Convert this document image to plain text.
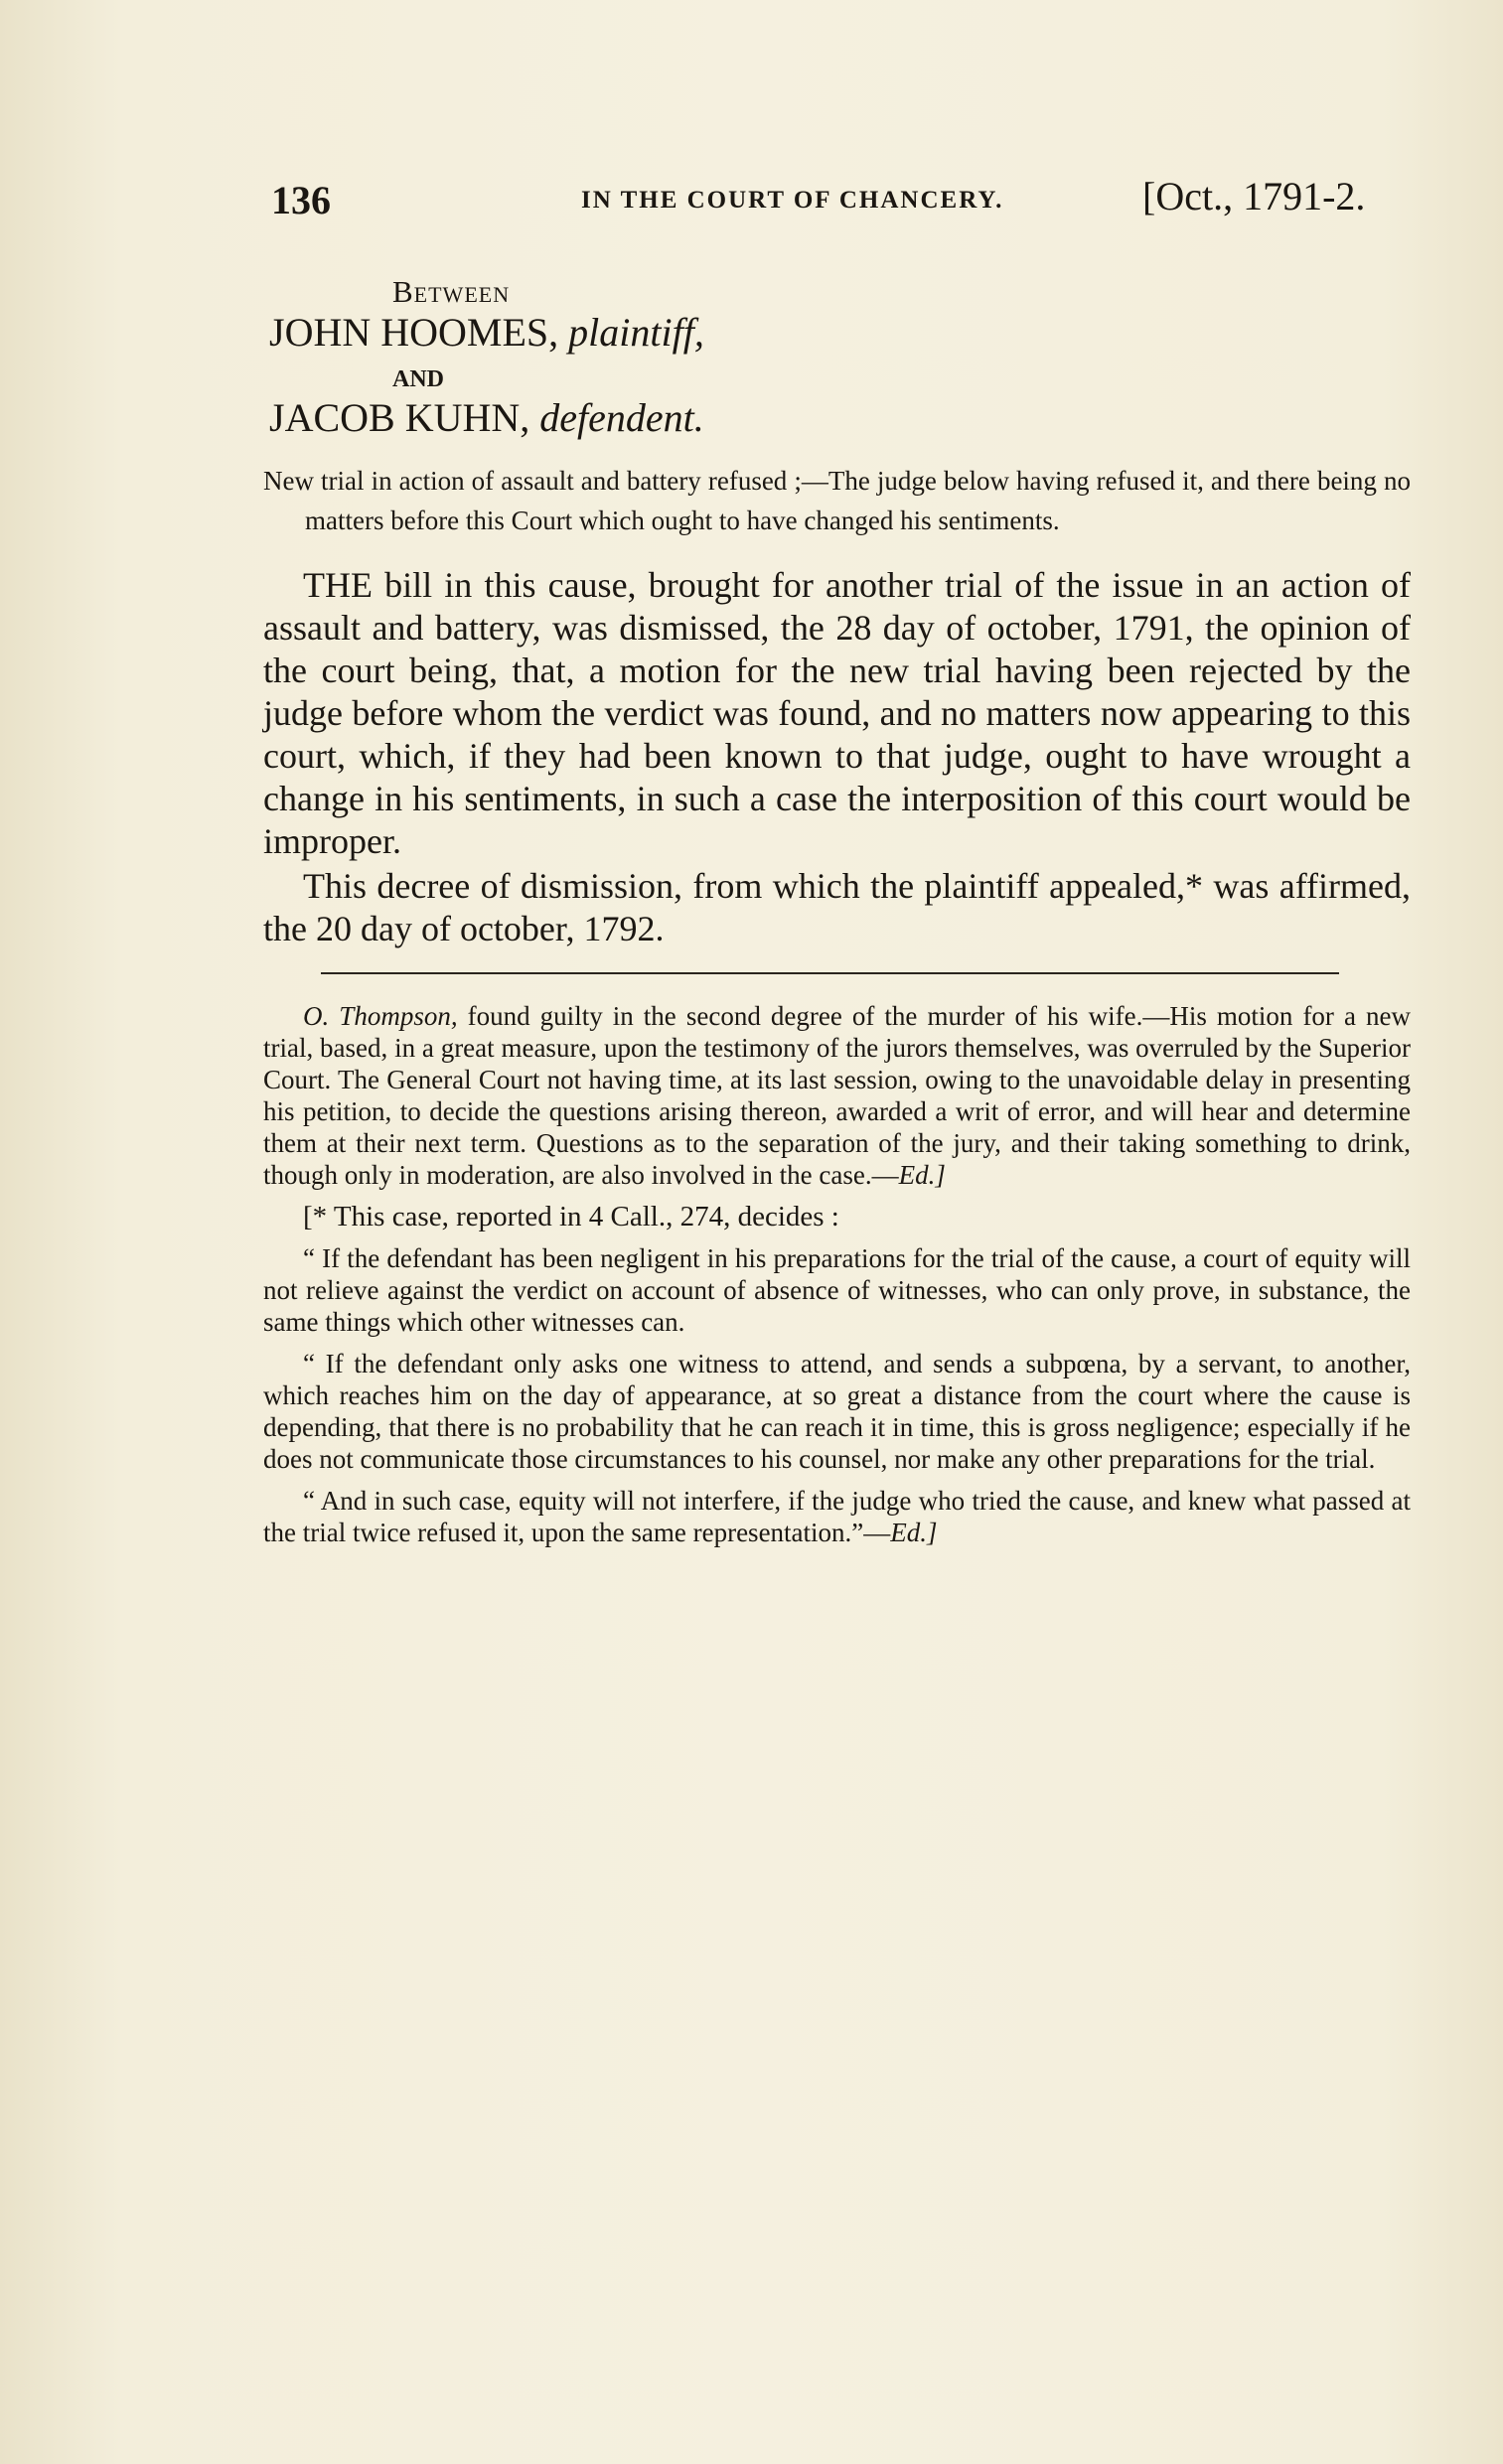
136	IN THE COURT OF CHANCERY.	[Oct., 1791-2.
Between
JOHN HOOMES, plaintiff,
AND
JACOB KUHN, defendent.
New trial in action of assault and battery refused ;—The judge below having refused it, and there being no matters before this Court which ought to have changed his sentiments.

THE bill in this cause, brought for another trial of the issue in an action of assault and battery, was dismissed, the 28 day of october, 1791, the opinion of the court being, that, a motion for the new trial having been rejected by the judge before whom the verdict was found, and no matters now appearing to this court, which, if they had been known to that judge, ought to have wrought a change in his sentiments, in such a case the interposition of this court would be improper.

This decree of dismission, from which the plaintiff appealed,* was affirmed, the 20 day of october, 1792.

O. Thompson, found guilty in the second degree of the murder of his wife.—His motion for a new trial, based, in a great measure, upon the testimony of the jurors themselves, was overruled by the Superior Court. The General Court not having time, at its last session, owing to the unavoidable delay in presenting his petition, to decide the questions arising thereon, awarded a writ of error, and will hear and determine them at their next term. Questions as to the separation of the jury, and their taking something to drink, though only in moderation, are also involved in the case.—Ed.]

[* This case, reported in 4 Call., 274, decides :

“ If the defendant has been negligent in his preparations for the trial of the cause, a court of equity will not relieve against the verdict on account of absence of witnesses, who can only prove, in substance, the same things which other witnesses can.

“ If the defendant only asks one witness to attend, and sends a subpœna, by a servant, to another, which reaches him on the day of appearance, at so great a distance from the court where the cause is depending, that there is no probability that he can reach it in time, this is gross negligence; especially if he does not communicate those circumstances to his counsel, nor make any other preparations for the trial.

“ And in such case, equity will not interfere, if the judge who tried the cause, and knew what passed at the trial twice refused it, upon the same representation.”—Ed.]
